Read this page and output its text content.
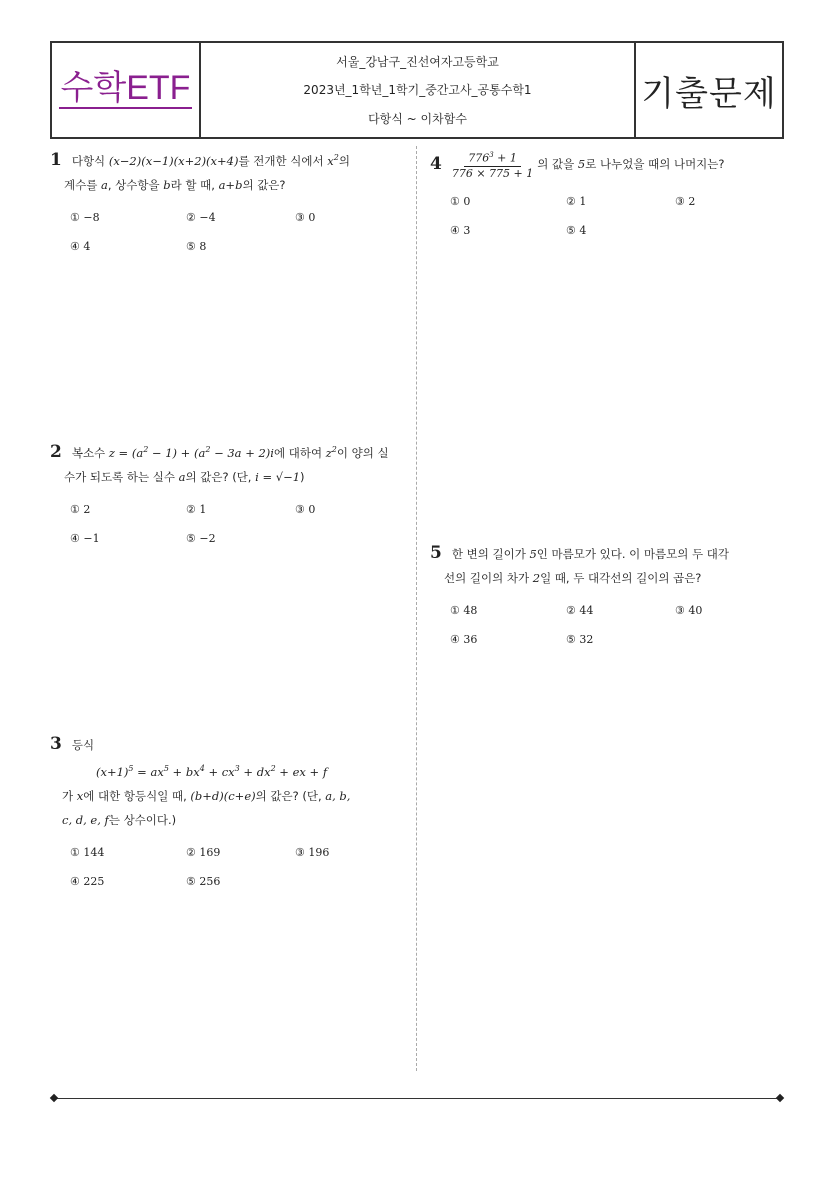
수학ETF
서울_강남구_진선여자고등학교
2023년_1학년_1학기_중간고사_공통수학1
다항식 ~ 이차함수
기출문제
1 다항식 (x−2)(x−1)(x+2)(x+4)를 전개한 식에서 $x^2$의
계수를 a, 상수항을 b라 할 때, a+b의 값은?
① −8	② −4	③ 0
④ 4	⑤ 8
2 복소수 $z = (a^2 - 1) + (a^2 - 3a + 2)i$에 대하여 $z^2$이 양의 실
수가 되도록 하는 실수 a의 값은? (단, i = √−1)
① 2	② 1	③ 0
④ −1	⑤ −2
3 등식
$(x+1)^5 = ax^5 + bx^4 + cx^3 + dx^2$ + ex + f
가 x에 대한 항등식일 때, (b+d)(c+e)의 값은? (단, a, b,
c, d, e, f는 상수이다.)
① 144	② 169	③ 196
④ 225	⑤ 256
$4 \frac{776^3 + 1}{776 \times 775 + 1}$ 의 값을
5 로 나누었을 때의 나머지는?
① 0	② 1	③ 2
④ 3	⑤ 4
5 한 변의 길이가 5인 마름모가 있다. 이 마름모의 두 대각
선의 길이의 차가 2일 때, 두 대각선의 길이의 곱은?
① 48	② 44	③ 40
④ 36	⑤ 32
